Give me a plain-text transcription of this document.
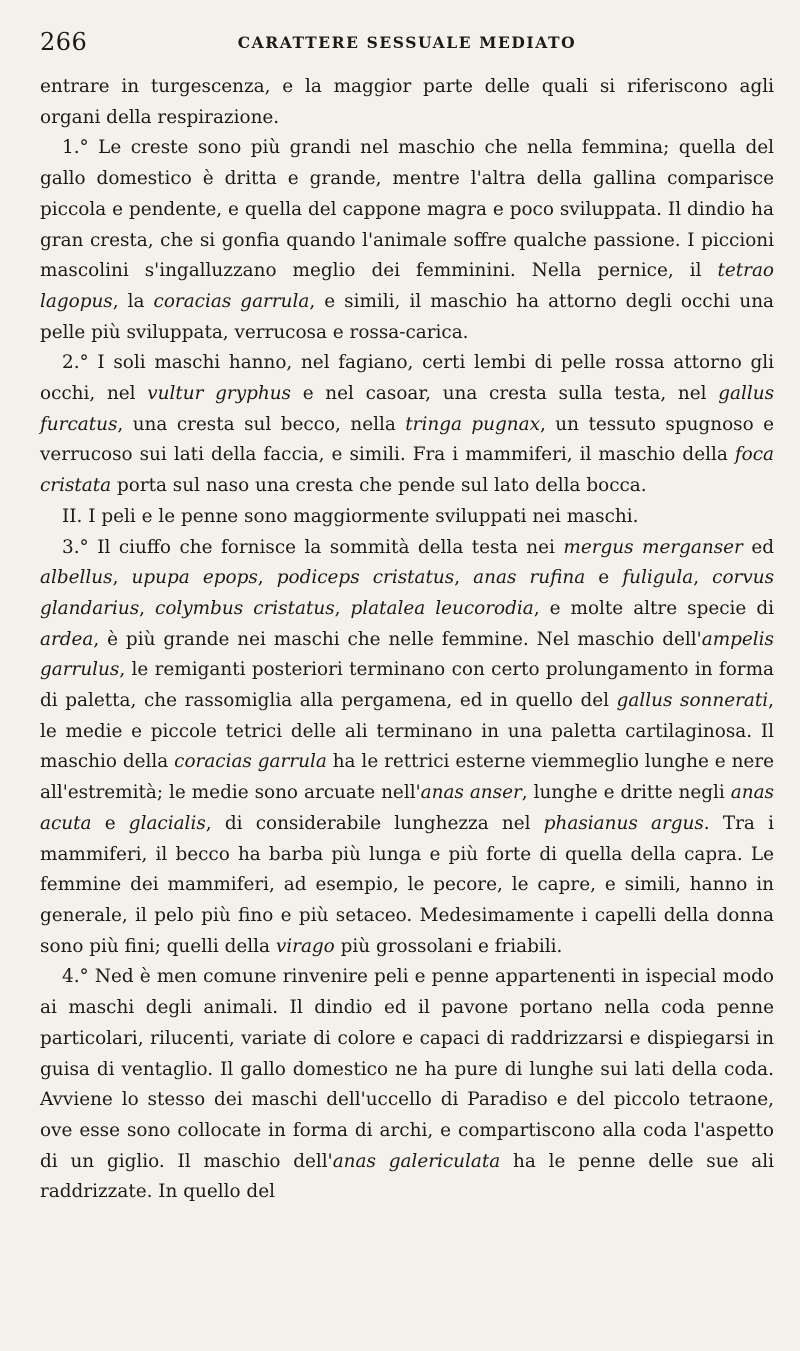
266	CARATTERE SESSUALE MEDIATO

entrare in turgescenza, e la maggior parte delle quali si riferiscono agli organi della respirazione.

1.° Le creste sono più grandi nel maschio che nella femmina; quella del gallo domestico è dritta e grande, mentre l'altra della gallina comparisce piccola e pendente, e quella del cappone magra e poco sviluppata. Il dindio ha gran cresta, che si gonfia quando l'animale soffre qualche passione. I piccioni mascolini s'ingalluzzano meglio dei femminini. Nella pernice, il tetrao lagopus, la coracias garrula, e simili, il maschio ha attorno degli occhi una pelle più sviluppata, verrucosa e rossa-carica.

2.° I soli maschi hanno, nel fagiano, certi lembi di pelle rossa attorno gli occhi, nel vultur gryphus e nel casoar, una cresta sulla testa, nel gallus furcatus, una cresta sul becco, nella tringa pugnax, un tessuto spugnoso e verrucoso sui lati della faccia, e simili. Fra i mammiferi, il maschio della foca cristata porta sul naso una cresta che pende sul lato della bocca.

II. I peli e le penne sono maggiormente sviluppati nei maschi.

3.° Il ciuffo che fornisce la sommità della testa nei mergus merganser ed albellus, upupa epops, podiceps cristatus, anas rufina e fuligula, corvus glandarius, colymbus cristatus, platalea leucorodia, e molte altre specie di ardea, è più grande nei maschi che nelle femmine. Nel maschio dell'ampelis garrulus, le remiganti posteriori terminano con certo prolungamento in forma di paletta, che rassomiglia alla pergamena, ed in quello del gallus sonnerati, le medie e piccole tetrici delle ali terminano in una paletta cartilaginosa. Il maschio della coracias garrula ha le rettrici esterne viemmeglio lunghe e nere all'estremità; le medie sono arcuate nell'anas anser, lunghe e dritte negli anas acuta e glacialis, di considerabile lunghezza nel phasianus argus. Tra i mammiferi, il becco ha barba più lunga e più forte di quella della capra. Le femmine dei mammiferi, ad esempio, le pecore, le capre, e simili, hanno in generale, il pelo più fino e più setaceo. Medesimamente i capelli della donna sono più fini; quelli della virago più grossolani e friabili.

4.° Ned è men comune rinvenire peli e penne appartenenti in ispecial modo ai maschi degli animali. Il dindio ed il pavone portano nella coda penne particolari, rilucenti, variate di colore e capaci di raddrizzarsi e dispiegarsi in guisa di ventaglio. Il gallo domestico ne ha pure di lunghe sui lati della coda. Avviene lo stesso dei maschi dell'uccello di Paradiso e del piccolo tetraone, ove esse sono collocate in forma di archi, e compartiscono alla coda l'aspetto di un giglio. Il maschio dell'anas galericulata ha le penne delle sue ali raddrizzate. In quello del
